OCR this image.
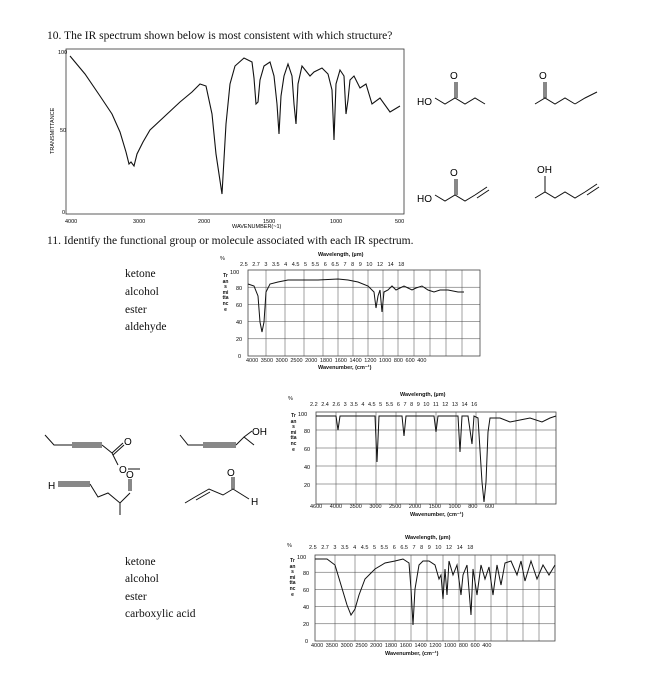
10. The IR spectrum shown below is most consistent with which structure?
100
50
0
TRANSMITTANCE
4000	3000	2000	1500	1000	500
WAVENUMBER(~1)
O
HO
O
O
HO
OH
11. Identify the functional group or molecule associated with each IR spectrum.
ketone
alcohol
ester
aldehyde
Wavelength, (µm)
%
Transmittance
100
80
60
40
20
0
2.5 2.7 3 3.5 4 4.5 5 5.5 6 6.5 7 8 9 10 12 14 18
4000 3500 3000 2500 2000 1800 1600 1400 1200 1000 800 600 400
Wavenumber, (cm⁻¹)
O
O
OH
H
O	O
H
Wavelength, (µm)
%
Transmittance
100
80
60
40
20
2.2 2.4 2.6 3 3.5 4 4.5 5 5.5 6 7 8 9 10 11 12 13 14 16
4600 4000 3500 3000 2500 2000 1500 1000 800 600
Wavenumber, (cm⁻¹)
ketone
alcohol
ester
carboxylic acid
Wavelength, (µm)
%
Transmittance
100
80
60
40
20
0
2.5 2.7 3 3.5 4 4.5 5 5.5 6 6.5 7 8 9 10 12 14 18
4000 3500 3000 2500 2000 1800 1600 1400 1200 1000 800 600 400
Wavenumber, (cm⁻¹)
